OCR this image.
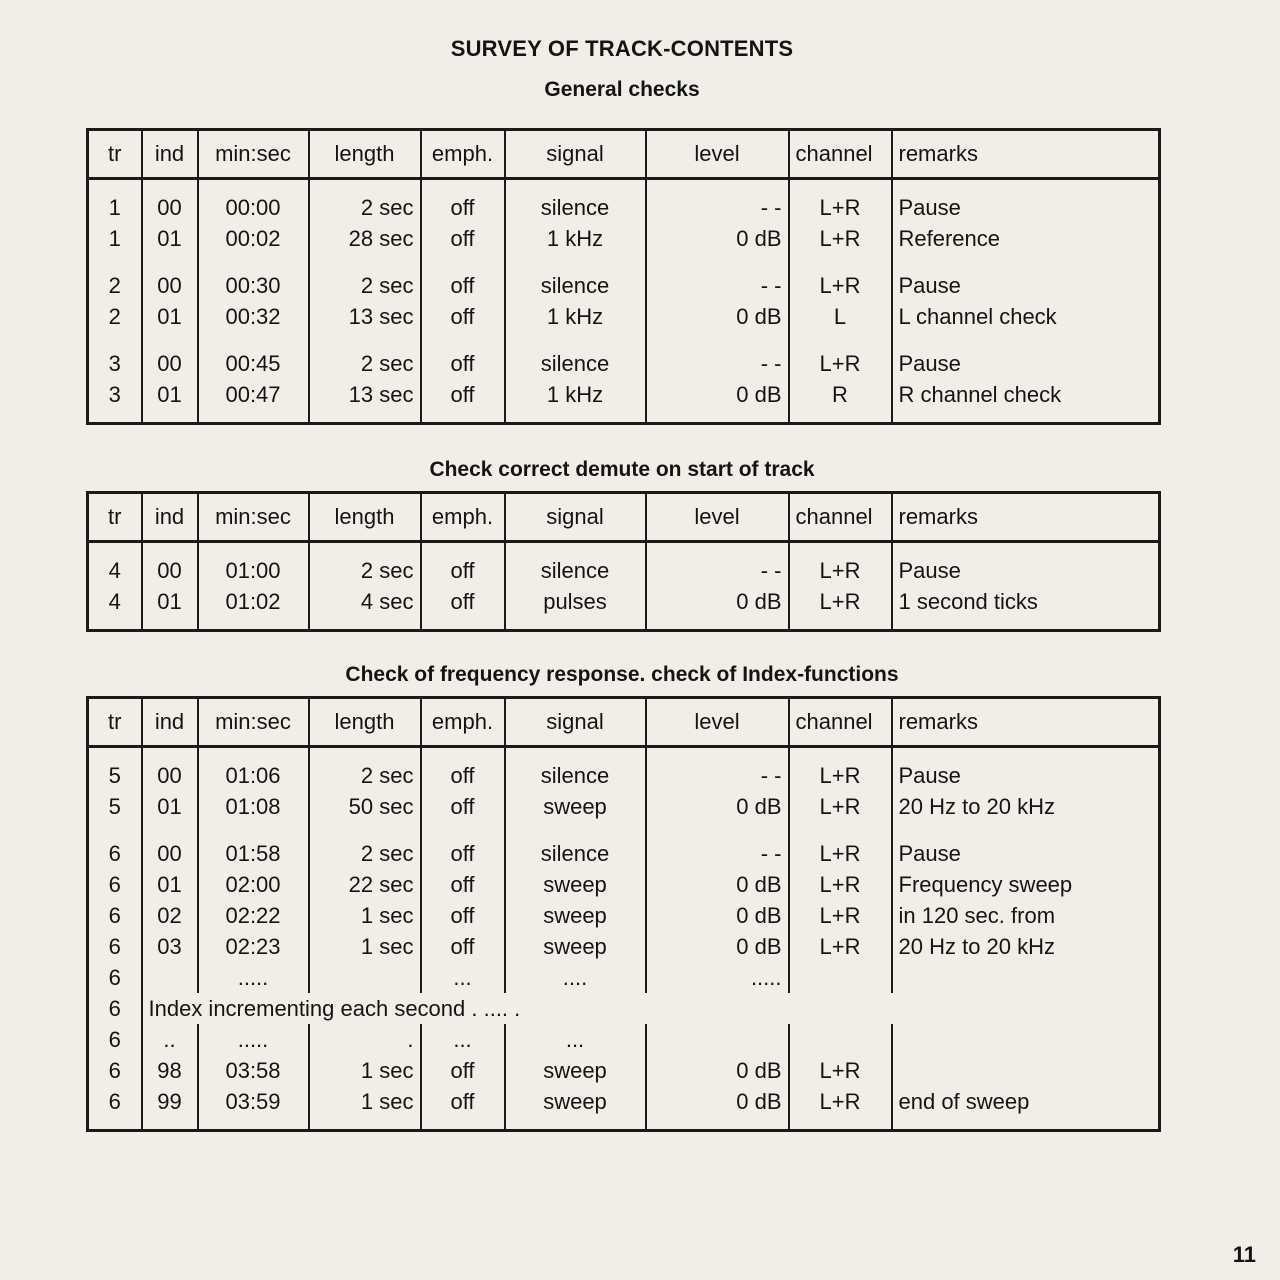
SURVEY OF TRACK-CONTENTS
General checks
tr	ind	min:sec	length	emph.	signal	level	channel	remarks

1	00	00:00	2 sec	off	silence	- -	L+R	Pause
1	01	00:02	28 sec	off	1 kHz	0 dB	L+R	Reference

2	00	00:30	2 sec	off	silence	- -	L+R	Pause
2	01	00:32	13 sec	off	1 kHz	0 dB	L	L channel check

3	00	00:45	2 sec	off	silence	- -	L+R	Pause
3	01	00:47	13 sec	off	1 kHz	0 dB	R	R channel check

Check correct demute on start of track
tr	ind	min:sec	length	emph.	signal	level	channel	remarks

4	00	01:00	2 sec	off	silence	- -	L+R	Pause
4	01	01:02	4 sec	off	pulses	0 dB	L+R	1 second ticks

Check of frequency response. check of Index-functions
tr	ind	min:sec	length	emph.	signal	level	channel	remarks

5	00	01:06	2 sec	off	silence	- -	L+R	Pause
5	01	01:08	50 sec	off	sweep	0 dB	L+R	20 Hz to 20 kHz

6	00	01:58	2 sec	off	silence	- -	L+R	Pause
6	01	02:00	22 sec	off	sweep	0 dB	L+R	Frequency sweep
6	02	02:22	1 sec	off	sweep	0 dB	L+R	in 120 sec. from
6	03	02:23	1 sec	off	sweep	0 dB	L+R	20 Hz to 20 kHz
6		.....		...	....	.....		
6	Index incrementing each second . .... .							
6	..	.....	.	...	...			
6	98	03:58	1 sec	off	sweep	0 dB	L+R	
6	99	03:59	1 sec	off	sweep	0 dB	L+R	end of sweep

11
